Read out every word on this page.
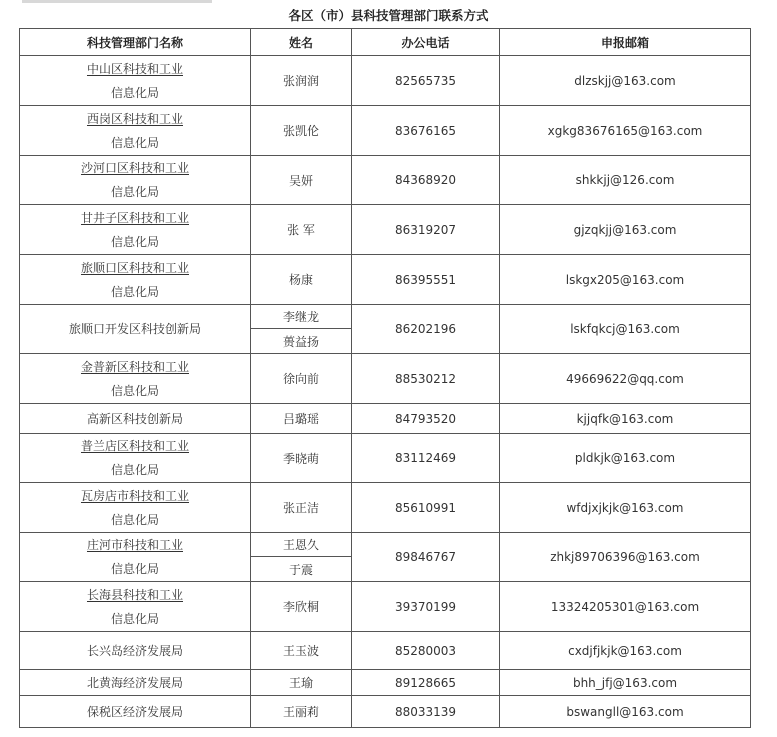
各区（市）县科技管理部门联系方式
科技管理部门名称	姓名	办公电话	申报邮箱

中山区科技和工业
信息化局	张润润	82565735	dlzskjj@163.com

西岗区科技和工业
信息化局	张凯伦	83676165	xgkg83676165@163.com

沙河口区科技和工业
信息化局	吴妍	84368920	shkkjj@126.com

甘井子区科技和工业
信息化局	张 军	86319207	gjzqkjj@163.com

旅顺口区科技和工业
信息化局	杨康	86395551	lskgx205@163.com

旅顺口开发区科技创新局	李继龙	86202196	lskfqkcj@163.com
	蒉益扬		

金普新区科技和工业
信息化局	徐向前	88530212	49669622@qq.com

高新区科技创新局	吕璐瑶	84793520	kjjqfk@163.com

普兰店区科技和工业
信息化局	季晓萌	83112469	pldkjk@163.com

瓦房店市科技和工业
信息化局	张正洁	85610991	wfdjxjkjk@163.com

庄河市科技和工业
信息化局	王恩久	89846767	zhkj89706396@163.com
	于震		

长海县科技和工业
信息化局	李欣桐	39370199	13324205301@163.com

长兴岛经济发展局	王玉波	85280003	cxdjfjkjk@163.com

北黄海经济发展局	王瑜	89128665	bhh_jfj@163.com

保税区经济发展局	王丽莉	88033139	bswangll@163.com
